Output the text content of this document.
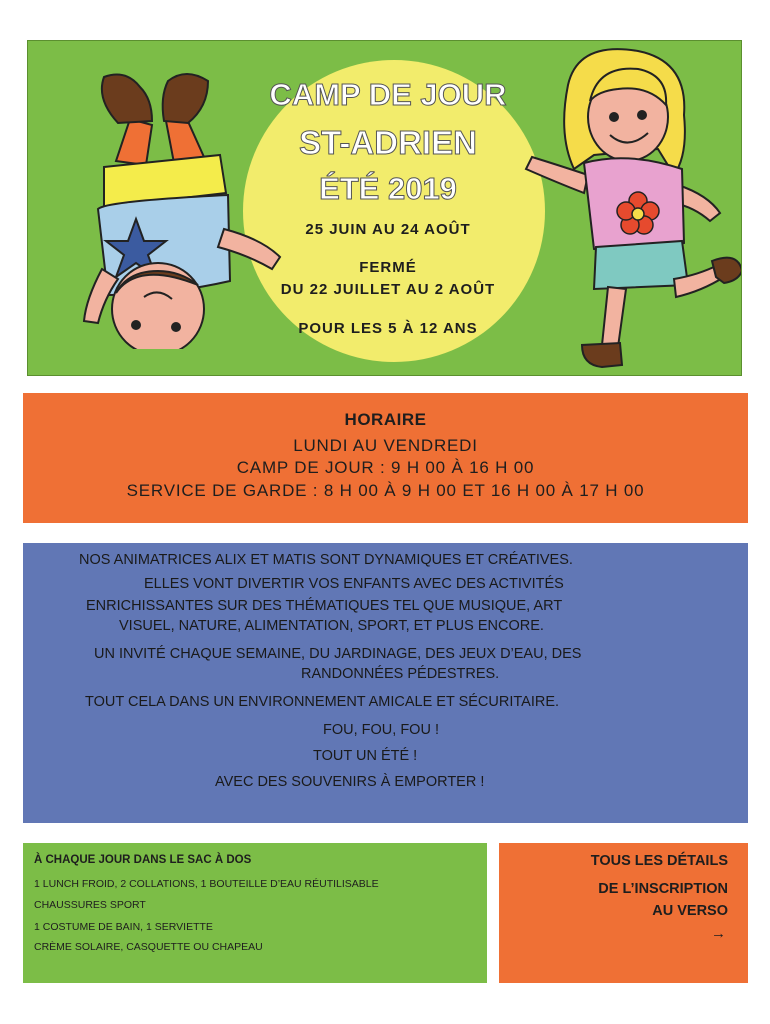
CAMP DE JOUR
ST-ADRIEN
ÉTÉ 2019
25 JUIN AU 24 AOÛT
FERMÉ
DU 22 JUILLET AU 2 AOÛT
POUR LES 5 À 12 ANS
HORAIRE
LUNDI AU VENDREDI
CAMP DE JOUR : 9 H 00 À 16 H 00
SERVICE DE GARDE : 8 H 00 À 9 H 00 ET 16 H 00 À 17 H 00
NOS ANIMATRICES ALIX ET MATIS SONT DYNAMIQUES ET CRÉATIVES.
ELLES VONT DIVERTIR VOS ENFANTS AVEC DES ACTIVITÉS
ENRICHISSANTES SUR DES THÉMATIQUES TEL QUE MUSIQUE, ART
VISUEL, NATURE, ALIMENTATION, SPORT, ET PLUS ENCORE.
UN INVITÉ CHAQUE SEMAINE, DU JARDINAGE, DES JEUX D’EAU, DES
RANDONNÉES PÉDESTRES.
TOUT CELA DANS UN ENVIRONNEMENT AMICALE ET SÉCURITAIRE.
FOU, FOU, FOU !
TOUT UN ÉTÉ !
AVEC DES SOUVENIRS À EMPORTER !
À CHAQUE JOUR DANS LE SAC À DOS
1 LUNCH FROID, 2 COLLATIONS, 1 BOUTEILLE D’EAU RÉUTILISABLE
CHAUSSURES SPORT
1 COSTUME DE BAIN, 1 SERVIETTE
CRÈME SOLAIRE, CASQUETTE OU CHAPEAU
TOUS LES DÉTAILS
DE L’INSCRIPTION
AU VERSO
→
